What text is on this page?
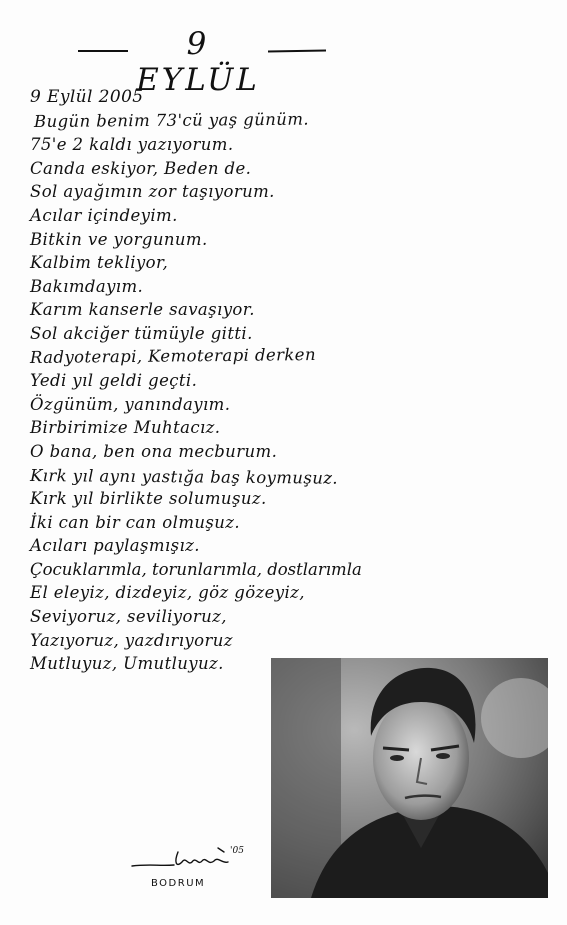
9 EYLÜL
9 Eylül 2005
Bugün benim 73'cü yaş günüm.
75'e 2 kaldı yazıyorum.
Canda eskiyor, Beden de.
Sol ayağımın zor taşıyorum.
Acılar içindeyim.
Bitkin ve yorgunum.
Kalbim tekliyor,
Bakımdayım.
Karım kanserle savaşıyor.
Sol akciğer tümüyle gitti.
Radyoterapi, Kemoterapi derken
Yedi yıl geldi geçti.
Özgünüm, yanındayım.
Birbirimize Muhtacız.
O bana, ben ona mecburum.
Kırk yıl aynı yastığa baş koymuşuz.
Kırk yıl birlikte solumuşuz.
İki can bir can olmuşuz.
Acıları paylaşmışız.
Çocuklarımla, torunlarımla, dostlarımla
El eleyiz, dizdeyiz, göz gözeyiz,
Seviyoruz, seviliyoruz,
Yazıyoruz, yazdırıyoruz
Mutluyuz, Umutluyuz.
'05
BODRUM
